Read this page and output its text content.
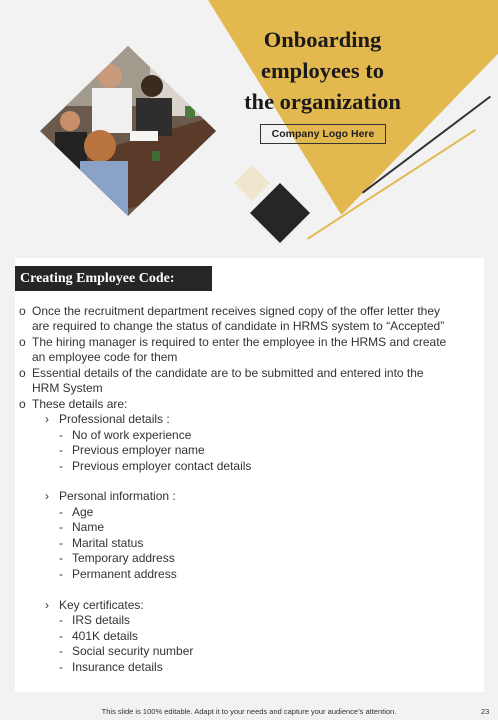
Onboarding
employees to
the organization
Company Logo Here
Creating Employee Code:
o Once the recruitment department receives signed copy of the offer letter they
are required to change the status of candidate in HRMS system to “Accepted”
o The hiring manager is required to enter the employee in the HRMS and create
an employee code for them
o Essential details of the candidate are to be submitted and entered into the
HRM System
o These details are:
› Professional details :
- No of work experience
- Previous employer name
- Previous employer contact details
› Personal information :
- Age
- Name
- Marital status
- Temporary address
- Permanent address
› Key certificates:
- IRS details
- 401K details
- Social security number
- Insurance details
This slide is 100% editable. Adapt it to your needs and capture your audience’s attention.	23
